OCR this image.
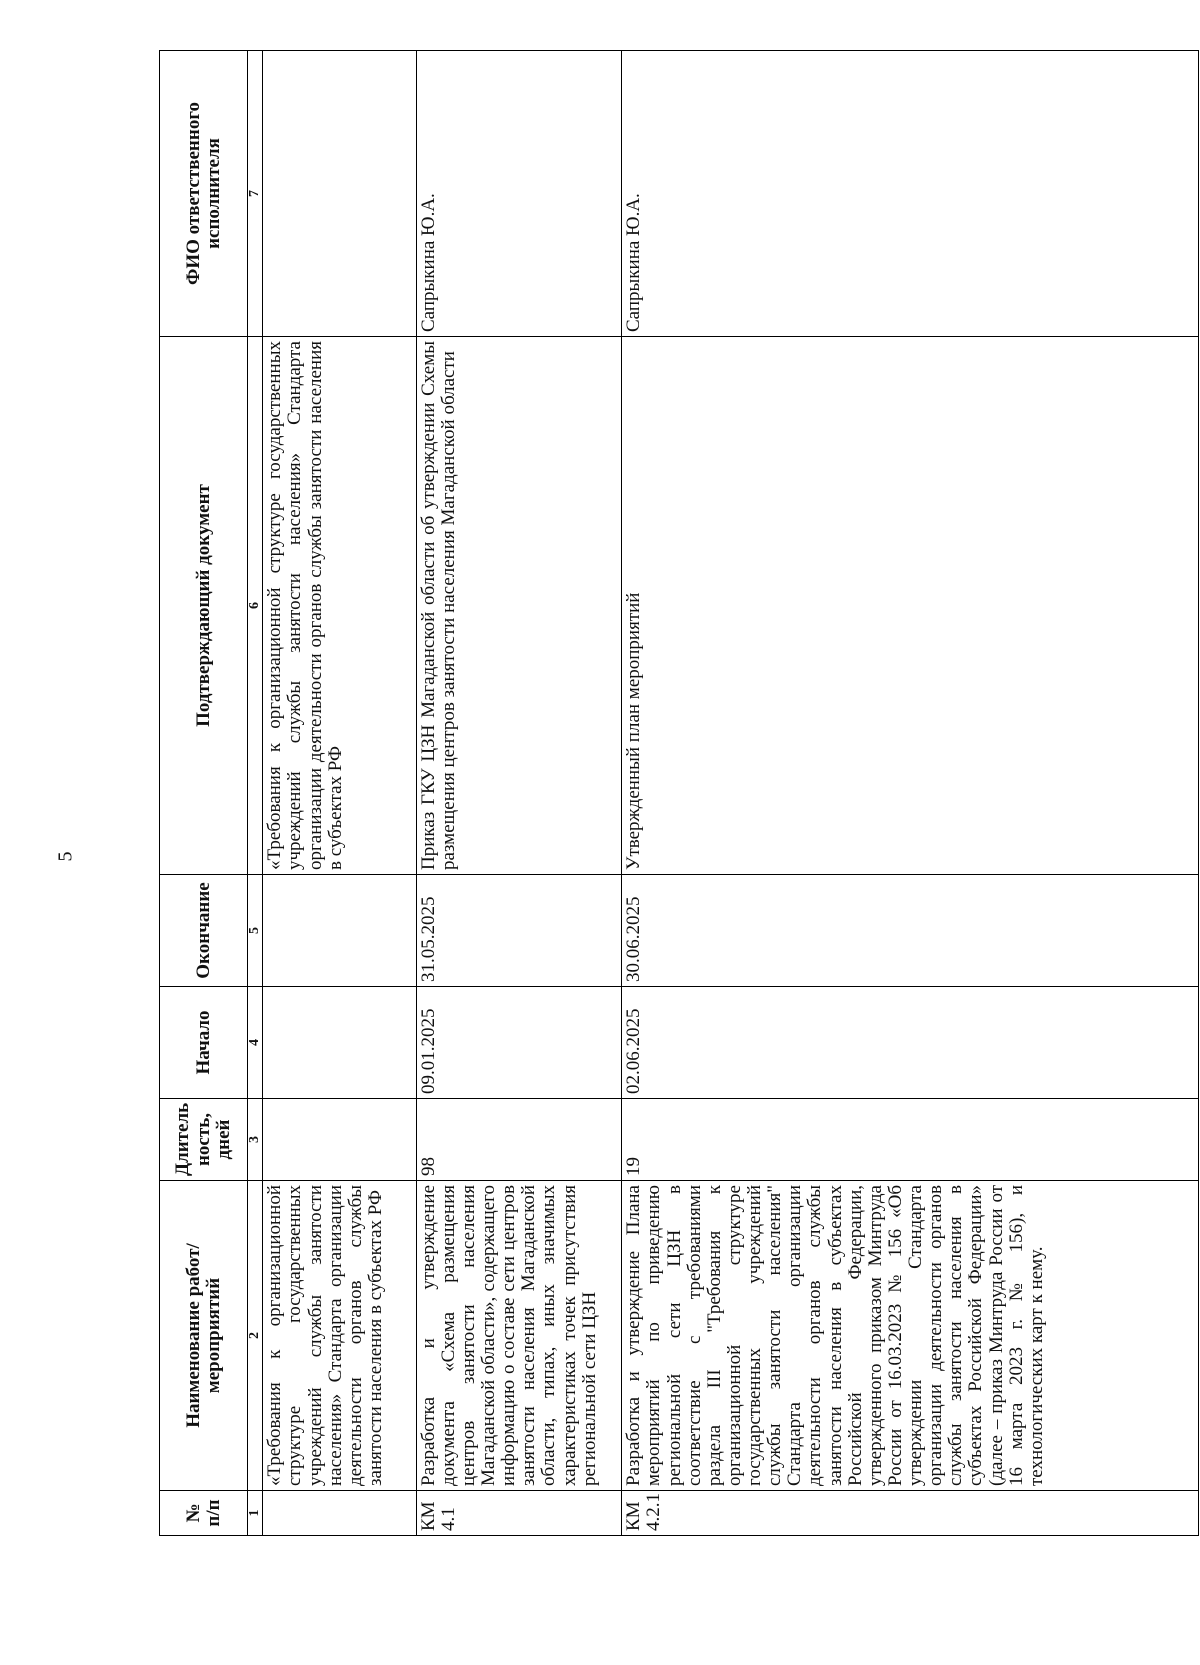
5
№ п/п	Наименование работ/ мероприятий	Длитель ность, дней	Начало	Окончание	Подтверждающий документ	ФИО ответственного исполнителя
1	2	3	4	5	6	7
	«Требования к организационной структуре государственных учреждений службы занятости населения» Стандарта организации деятельности органов службы занятости населения в субъектах РФ				«Требования к организационной структуре государственных учреждений службы занятости населения» Стандарта организации деятельности органов службы занятости населения в субъектах РФ	
КМ 4.1	Разработка и утверждение документа «Схема размещения центров занятости населения Магаданской области», содержащего информацию о составе сети центров занятости населения Магаданской области, типах, иных значимых характеристиках точек присутствия региональной сети ЦЗН	98	09.01.2025	31.05.2025	Приказ ГКУ ЦЗН Магаданской области об утверждении Схемы размещения центров занятости населения Магаданской области	Сапрыкина Ю.А.
КМ 4.2.1	Разработка и утверждение Плана мероприятий по приведению региональной сети ЦЗН в соответствие с требованиями раздела III "Требования к организационной структуре государственных учреждений службы занятости населения" Стандарта организации деятельности органов службы занятости населения в субъектах Российской Федерации, утвержденного приказом Минтруда России от 16.03.2023 № 156 «Об утверждении Стандарта организации деятельности органов службы занятости населения в субъектах Российской Федерации» (далее – приказ Минтруда России от 16 марта 2023 г. № 156), и технологических карт к нему.	19	02.06.2025	30.06.2025	Утвержденный план мероприятий	Сапрыкина Ю.А.
